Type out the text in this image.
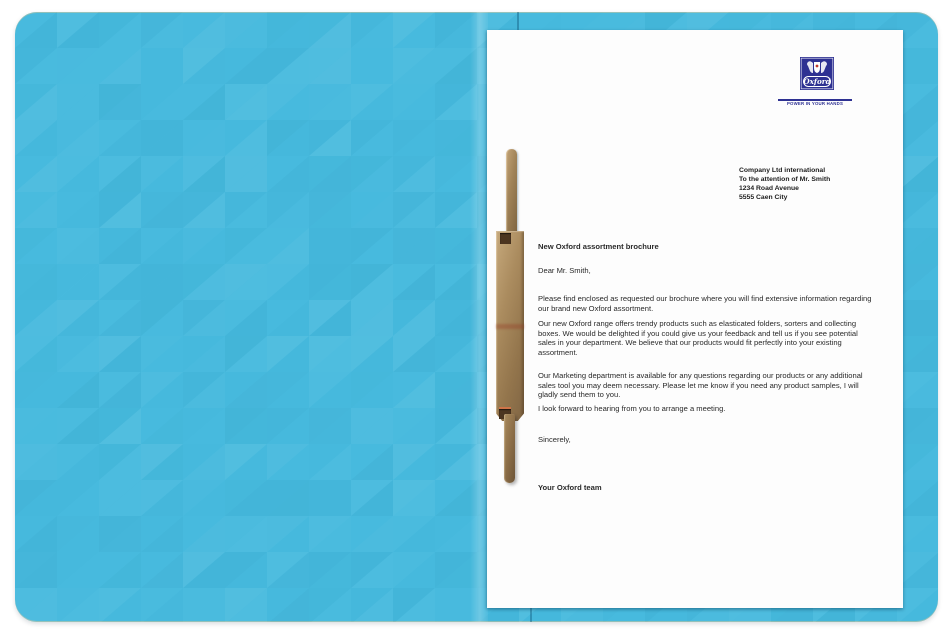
Oxford
POWER IN YOUR HANDS
Company Ltd international
To the attention of Mr. Smith
1234 Road Avenue
5555 Caen City
New Oxford assortment brochure
Dear Mr. Smith,

Please find enclosed as requested our brochure where you will find extensive information regarding our brand new Oxford assortment.

Our new Oxford range offers trendy products such as elasticated folders, sorters and collecting boxes. We would be delighted if you could give us your feedback and tell us if you see potential sales in your department. We believe that our products would fit perfectly into your existing assortment.

Our Marketing department is available for any questions regarding our products or any additional sales tool you may deem necessary. Please let me know if you need any product samples, I will gladly send them to you.

I look forward to hearing from you to arrange a meeting.

Sincerely,
Your Oxford team
